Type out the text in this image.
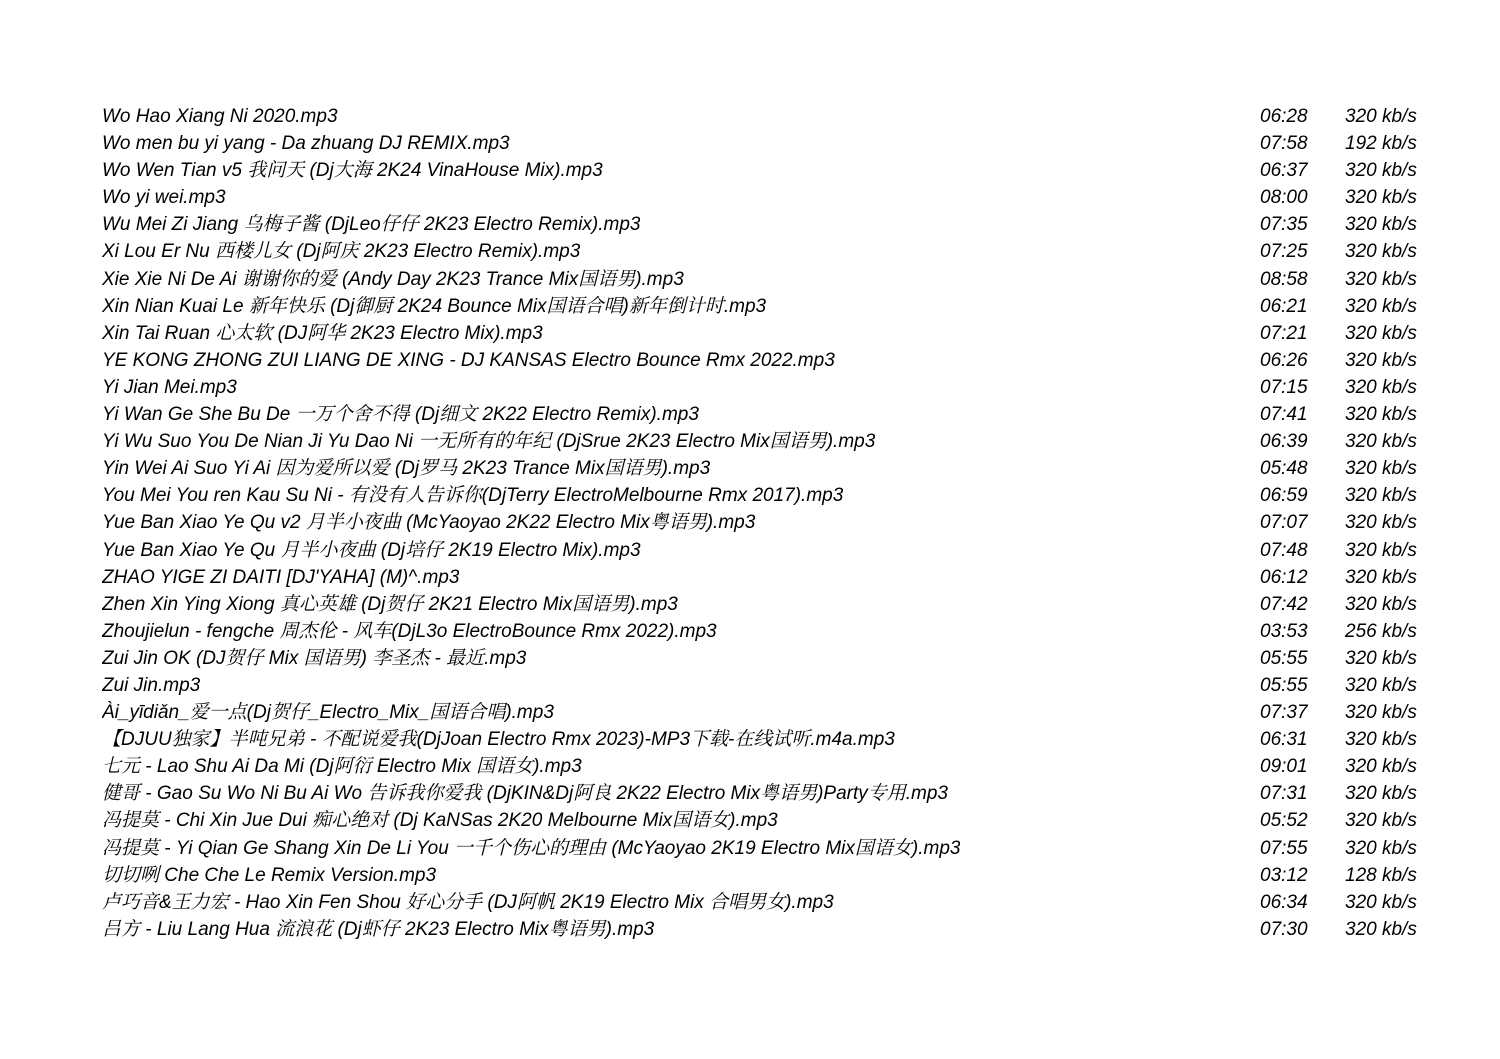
Wo Hao Xiang Ni 2020.mp3	06:28 320 kb/s
Wo men bu yi yang - Da zhuang DJ REMIX.mp3	07:58 192 kb/s
Wo Wen Tian v5 我问天 (Dj大海 2K24 VinaHouse Mix).mp3	06:37 320 kb/s
Wo yi wei.mp3	08:00 320 kb/s
Wu Mei Zi Jiang 乌梅子酱 (DjLeo仔仔 2K23 Electro Remix).mp3	07:35 320 kb/s
Xi Lou Er Nu 西楼儿女 (Dj阿庆 2K23 Electro Remix).mp3	07:25 320 kb/s
Xie Xie Ni De Ai 谢谢你的爱 (Andy Day 2K23 Trance Mix国语男).mp3	08:58 320 kb/s
Xin Nian Kuai Le 新年快乐 (Dj御厨 2K24 Bounce Mix国语合唱)新年倒计时.mp3	06:21 320 kb/s
Xin Tai Ruan 心太软 (DJ阿华 2K23 Electro Mix).mp3	07:21 320 kb/s
YE KONG ZHONG ZUI LIANG DE XING - DJ KANSAS Electro Bounce Rmx 2022.mp3	06:26 320 kb/s
Yi Jian Mei.mp3	07:15 320 kb/s
Yi Wan Ge She Bu De 一万个舍不得 (Dj细文 2K22 Electro Remix).mp3	07:41 320 kb/s
Yi Wu Suo You De Nian Ji Yu Dao Ni 一无所有的年纪 (DjSrue 2K23 Electro Mix国语男).mp3	06:39 320 kb/s
Yin Wei Ai Suo Yi Ai 因为爱所以爱 (Dj罗马 2K23 Trance Mix国语男).mp3	05:48 320 kb/s
You Mei You ren Kau Su Ni - 有没有人告诉你(DjTerry ElectroMelbourne Rmx 2017).mp3	06:59 320 kb/s
Yue Ban Xiao Ye Qu v2 月半小夜曲 (McYaoyao 2K22 Electro Mix粤语男).mp3	07:07 320 kb/s
Yue Ban Xiao Ye Qu 月半小夜曲 (Dj培仔 2K19 Electro Mix).mp3	07:48 320 kb/s
ZHAO YIGE ZI DAITI [DJ'YAHA] (M)^.mp3	06:12 320 kb/s
Zhen Xin Ying Xiong 真心英雄 (Dj贺仔 2K21 Electro Mix国语男).mp3	07:42 320 kb/s
Zhoujielun - fengche 周杰伦 - 风车(DjL3o ElectroBounce Rmx 2022).mp3	03:53 256 kb/s
Zui Jin OK (DJ贺仔 Mix 国语男) 李圣杰 - 最近.mp3	05:55 320 kb/s
Zui Jin.mp3	05:55 320 kb/s
Ài_yīdiǎn_爱一点(Dj贺仔_Electro_Mix_国语合唱).mp3	07:37 320 kb/s
【DJUU独家】半吨兄弟 - 不配说爱我(DjJoan Electro Rmx 2023)-MP3下载-在线试听.m4a.mp3	06:31 320 kb/s
七元 - Lao Shu Ai Da Mi (Dj阿衍 Electro Mix 国语女).mp3	09:01 320 kb/s
健哥 - Gao Su Wo Ni Bu Ai Wo 告诉我你爱我 (DjKIN&Dj阿良 2K22 Electro Mix粤语男)Party专用.mp3	07:31 320 kb/s
冯提莫 - Chi Xin Jue Dui 痴心绝对 (Dj KaNSas 2K20 Melbourne Mix国语女).mp3	05:52 320 kb/s
冯提莫 - Yi Qian Ge Shang Xin De Li You 一千个伤心的理由 (McYaoyao 2K19 Electro Mix国语女).mp3	07:55 320 kb/s
切切咧 Che Che Le Remix Version.mp3	03:12 128 kb/s
卢巧音&王力宏 - Hao Xin Fen Shou 好心分手 (DJ阿帆 2K19 Electro Mix 合唱男女).mp3	06:34 320 kb/s
吕方 - Liu Lang Hua 流浪花 (Dj虾仔 2K23 Electro Mix粤语男).mp3	07:30 320 kb/s
